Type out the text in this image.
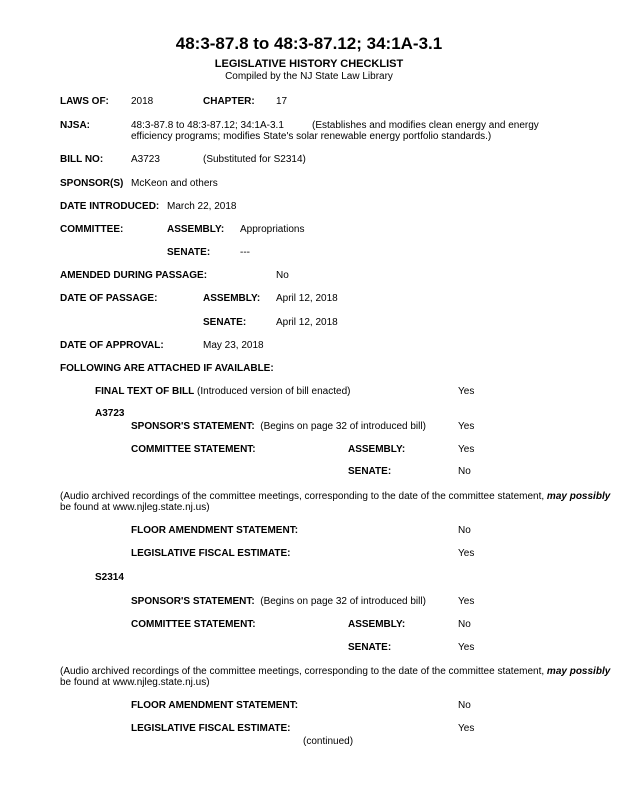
48:3-87.8 to 48:3-87.12; 34:1A-3.1
LEGISLATIVE HISTORY CHECKLIST
Compiled by the NJ State Law Library
LAWS OF: 2018	CHAPTER: 17
NJSA:	48:3-87.8 to 48:3-87.12; 34:1A-3.1	(Establishes and modifies clean energy and energy
efficiency programs; modifies State's solar renewable energy portfolio standards.)
BILL NO:	A3723	(Substituted for S2314)
SPONSOR(S) McKeon and others
DATE INTRODUCED: March 22, 2018
COMMITTEE:	ASSEMBLY: Appropriations
SENATE:	---
AMENDED DURING PASSAGE:	No
DATE OF PASSAGE:	ASSEMBLY: April 12, 2018
SENATE:	April 12, 2018
DATE OF APPROVAL:	May 23, 2018
FOLLOWING ARE ATTACHED IF AVAILABLE:
FINAL TEXT OF BILL (Introduced version of bill enacted)	Yes
A3723
SPONSOR'S STATEMENT: (Begins on page 32 of introduced bill)	Yes
COMMITTEE STATEMENT:	ASSEMBLY:	Yes
SENATE:	No
(Audio archived recordings of the committee meetings, corresponding to the date of the committee statement, may possibly
be found at www.njleg.state.nj.us)
FLOOR AMENDMENT STATEMENT:	No
LEGISLATIVE FISCAL ESTIMATE:	Yes
S2314
SPONSOR'S STATEMENT: (Begins on page 32 of introduced bill)	Yes
COMMITTEE STATEMENT:	ASSEMBLY:	No
SENATE:	Yes
(Audio archived recordings of the committee meetings, corresponding to the date of the committee statement, may possibly
be found at www.njleg.state.nj.us)
FLOOR AMENDMENT STATEMENT:	No
LEGISLATIVE FISCAL ESTIMATE:	Yes
(continued)
